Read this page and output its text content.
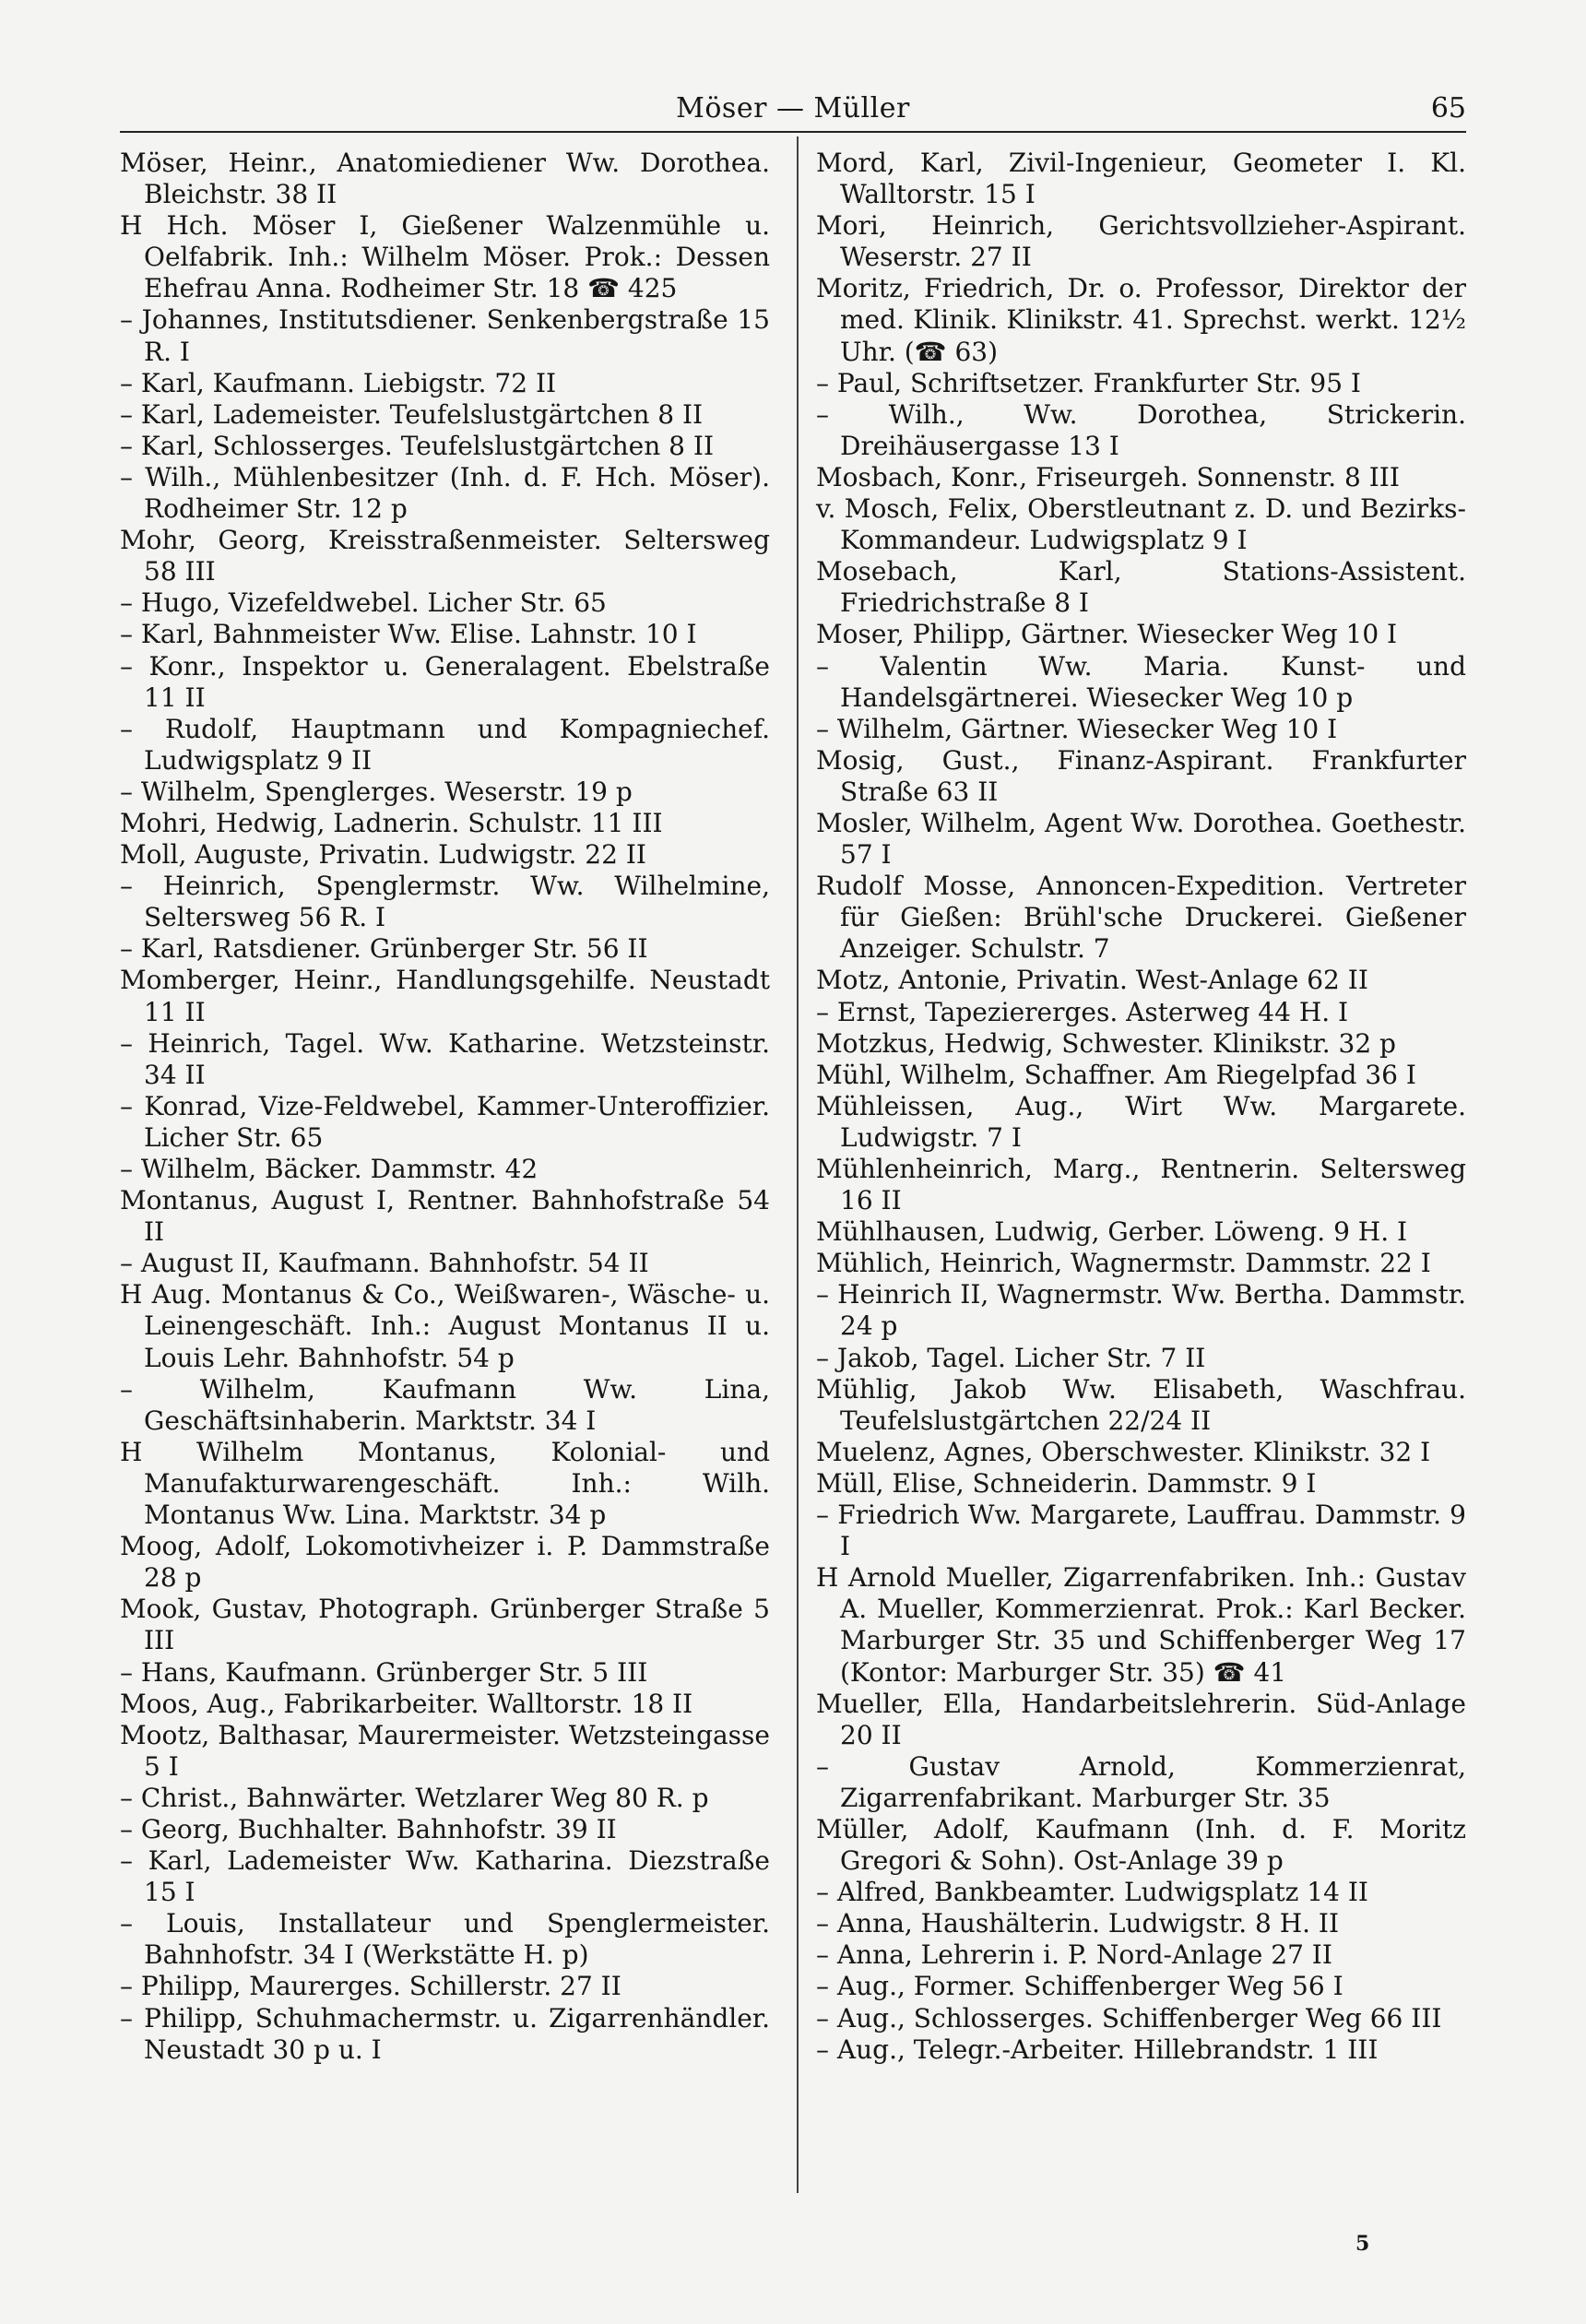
Möser — Müller	65
Möser, Heinr., Anatomiediener Ww. Dorothea. Bleichstr. 38 II
H Hch. Möser I, Gießener Walzenmühle u. Oelfabrik. Inh.: Wilhelm Möser. Prok.: Dessen Ehefrau Anna. Rodheimer Str. 18 ☎ 425
– Johannes, Institutsdiener. Senkenbergstraße 15 R. I
– Karl, Kaufmann. Liebigstr. 72 II
– Karl, Lademeister. Teufelslustgärtchen 8 II
– Karl, Schlosserges. Teufelslustgärtchen 8 II
– Wilh., Mühlenbesitzer (Inh. d. F. Hch. Möser). Rodheimer Str. 12 p
Mohr, Georg, Kreisstraßenmeister. Seltersweg 58 III
– Hugo, Vizefeldwebel. Licher Str. 65
– Karl, Bahnmeister Ww. Elise. Lahnstr. 10 I
– Konr., Inspektor u. Generalagent. Ebelstraße 11 II
– Rudolf, Hauptmann und Kompagniechef. Ludwigsplatz 9 II
– Wilhelm, Spenglerges. Weserstr. 19 p
Mohri, Hedwig, Ladnerin. Schulstr. 11 III
Moll, Auguste, Privatin. Ludwigstr. 22 II
– Heinrich, Spenglermstr. Ww. Wilhelmine, Seltersweg 56 R. I
– Karl, Ratsdiener. Grünberger Str. 56 II
Momberger, Heinr., Handlungsgehilfe. Neustadt 11 II
– Heinrich, Tagel. Ww. Katharine. Wetzsteinstr. 34 II
– Konrad, Vize-Feldwebel, Kammer-Unteroffizier. Licher Str. 65
– Wilhelm, Bäcker. Dammstr. 42
Montanus, August I, Rentner. Bahnhofstraße 54 II
– August II, Kaufmann. Bahnhofstr. 54 II
H Aug. Montanus & Co., Weißwaren-, Wäsche- u. Leinengeschäft. Inh.: August Montanus II u. Louis Lehr. Bahnhofstr. 54 p
– Wilhelm, Kaufmann Ww. Lina, Geschäftsinhaberin. Marktstr. 34 I
H Wilhelm Montanus, Kolonial- und Manufakturwarengeschäft. Inh.: Wilh. Montanus Ww. Lina. Marktstr. 34 p
Moog, Adolf, Lokomotivheizer i. P. Dammstraße 28 p
Mook, Gustav, Photograph. Grünberger Straße 5 III
– Hans, Kaufmann. Grünberger Str. 5 III
Moos, Aug., Fabrikarbeiter. Walltorstr. 18 II
Mootz, Balthasar, Maurermeister. Wetzsteingasse 5 I
– Christ., Bahnwärter. Wetzlarer Weg 80 R. p
– Georg, Buchhalter. Bahnhofstr. 39 II
– Karl, Lademeister Ww. Katharina. Diezstraße 15 I
– Louis, Installateur und Spenglermeister. Bahnhofstr. 34 I (Werkstätte H. p)
– Philipp, Maurerges. Schillerstr. 27 II
– Philipp, Schuhmachermstr. u. Zigarrenhändler. Neustadt 30 p u. I
Mord, Karl, Zivil-Ingenieur, Geometer I. Kl. Walltorstr. 15 I
Mori, Heinrich, Gerichtsvollzieher-Aspirant. Weserstr. 27 II
Moritz, Friedrich, Dr. o. Professor, Direktor der med. Klinik. Klinikstr. 41. Sprechst. werkt. 12½ Uhr. (☎ 63)
– Paul, Schriftsetzer. Frankfurter Str. 95 I
– Wilh., Ww. Dorothea, Strickerin. Dreihäusergasse 13 I
Mosbach, Konr., Friseurgeh. Sonnenstr. 8 III
v. Mosch, Felix, Oberstleutnant z. D. und Bezirks-Kommandeur. Ludwigsplatz 9 I
Mosebach, Karl, Stations-Assistent. Friedrichstraße 8 I
Moser, Philipp, Gärtner. Wiesecker Weg 10 I
– Valentin Ww. Maria. Kunst- und Handelsgärtnerei. Wiesecker Weg 10 p
– Wilhelm, Gärtner. Wiesecker Weg 10 I
Mosig, Gust., Finanz-Aspirant. Frankfurter Straße 63 II
Mosler, Wilhelm, Agent Ww. Dorothea. Goethestr. 57 I
Rudolf Mosse, Annoncen-Expedition. Vertreter für Gießen: Brühl'sche Druckerei. Gießener Anzeiger. Schulstr. 7
Motz, Antonie, Privatin. West-Anlage 62 II
– Ernst, Tapeziererges. Asterweg 44 H. I
Motzkus, Hedwig, Schwester. Klinikstr. 32 p
Mühl, Wilhelm, Schaffner. Am Riegelpfad 36 I
Mühleissen, Aug., Wirt Ww. Margarete. Ludwigstr. 7 I
Mühlenheinrich, Marg., Rentnerin. Seltersweg 16 II
Mühlhausen, Ludwig, Gerber. Löweng. 9 H. I
Mühlich, Heinrich, Wagnermstr. Dammstr. 22 I
– Heinrich II, Wagnermstr. Ww. Bertha. Dammstr. 24 p
– Jakob, Tagel. Licher Str. 7 II
Mühlig, Jakob Ww. Elisabeth, Waschfrau. Teufelslustgärtchen 22/24 II
Muelenz, Agnes, Oberschwester. Klinikstr. 32 I
Müll, Elise, Schneiderin. Dammstr. 9 I
– Friedrich Ww. Margarete, Lauffrau. Dammstr. 9 I
H Arnold Mueller, Zigarrenfabriken. Inh.: Gustav A. Mueller, Kommerzienrat. Prok.: Karl Becker. Marburger Str. 35 und Schiffenberger Weg 17 (Kontor: Marburger Str. 35) ☎ 41
Mueller, Ella, Handarbeitslehrerin. Süd-Anlage 20 II
– Gustav Arnold, Kommerzienrat, Zigarrenfabrikant. Marburger Str. 35
Müller, Adolf, Kaufmann (Inh. d. F. Moritz Gregori & Sohn). Ost-Anlage 39 p
– Alfred, Bankbeamter. Ludwigsplatz 14 II
– Anna, Haushälterin. Ludwigstr. 8 H. II
– Anna, Lehrerin i. P. Nord-Anlage 27 II
– Aug., Former. Schiffenberger Weg 56 I
– Aug., Schlosserges. Schiffenberger Weg 66 III
– Aug., Telegr.-Arbeiter. Hillebrandstr. 1 III
5
